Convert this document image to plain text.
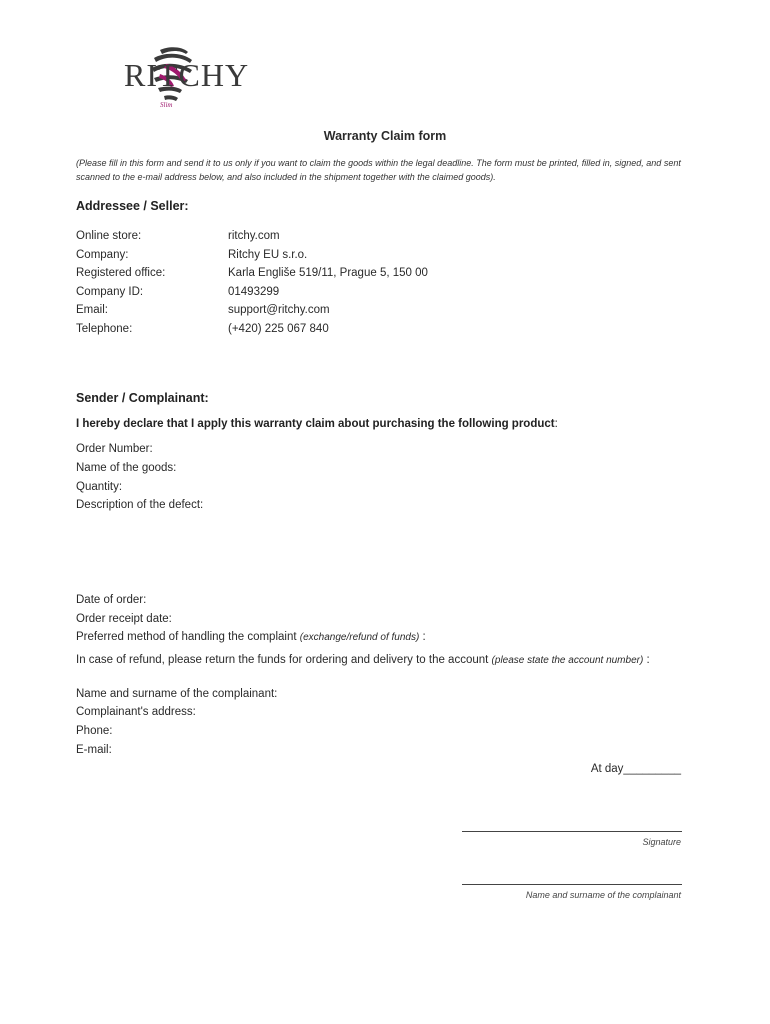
Slim
RITCHY
Warranty Claim form
(Please fill in this form and send it to us only if you want to claim the goods within the legal deadline. The form must be printed, filled in, signed, and sent scanned to the e-mail address below, and also included in the shipment together with the claimed goods).
Addressee / Seller:
Online store:	ritchy.com
Company:	Ritchy EU s.r.o.
Registered office:	Karla Engliše 519/11, Prague 5, 150 00
Company ID:	01493299
Email:	support@ritchy.com
Telephone:	(+420) 225 067 840
Sender / Complainant:
I hereby declare that I apply this warranty claim about purchasing the following product:
Order Number:
Name of the goods:
Quantity:
Description of the defect:
Date of order:
Order receipt date:
Preferred method of handling the complaint (exchange/refund of funds) :
In case of refund, please return the funds for ordering and delivery to the account (please state the account number) :
Name and surname of the complainant:
Complainant's address:
Phone:
E-mail:
At day_________
Signature
Name and surname of the complainant
